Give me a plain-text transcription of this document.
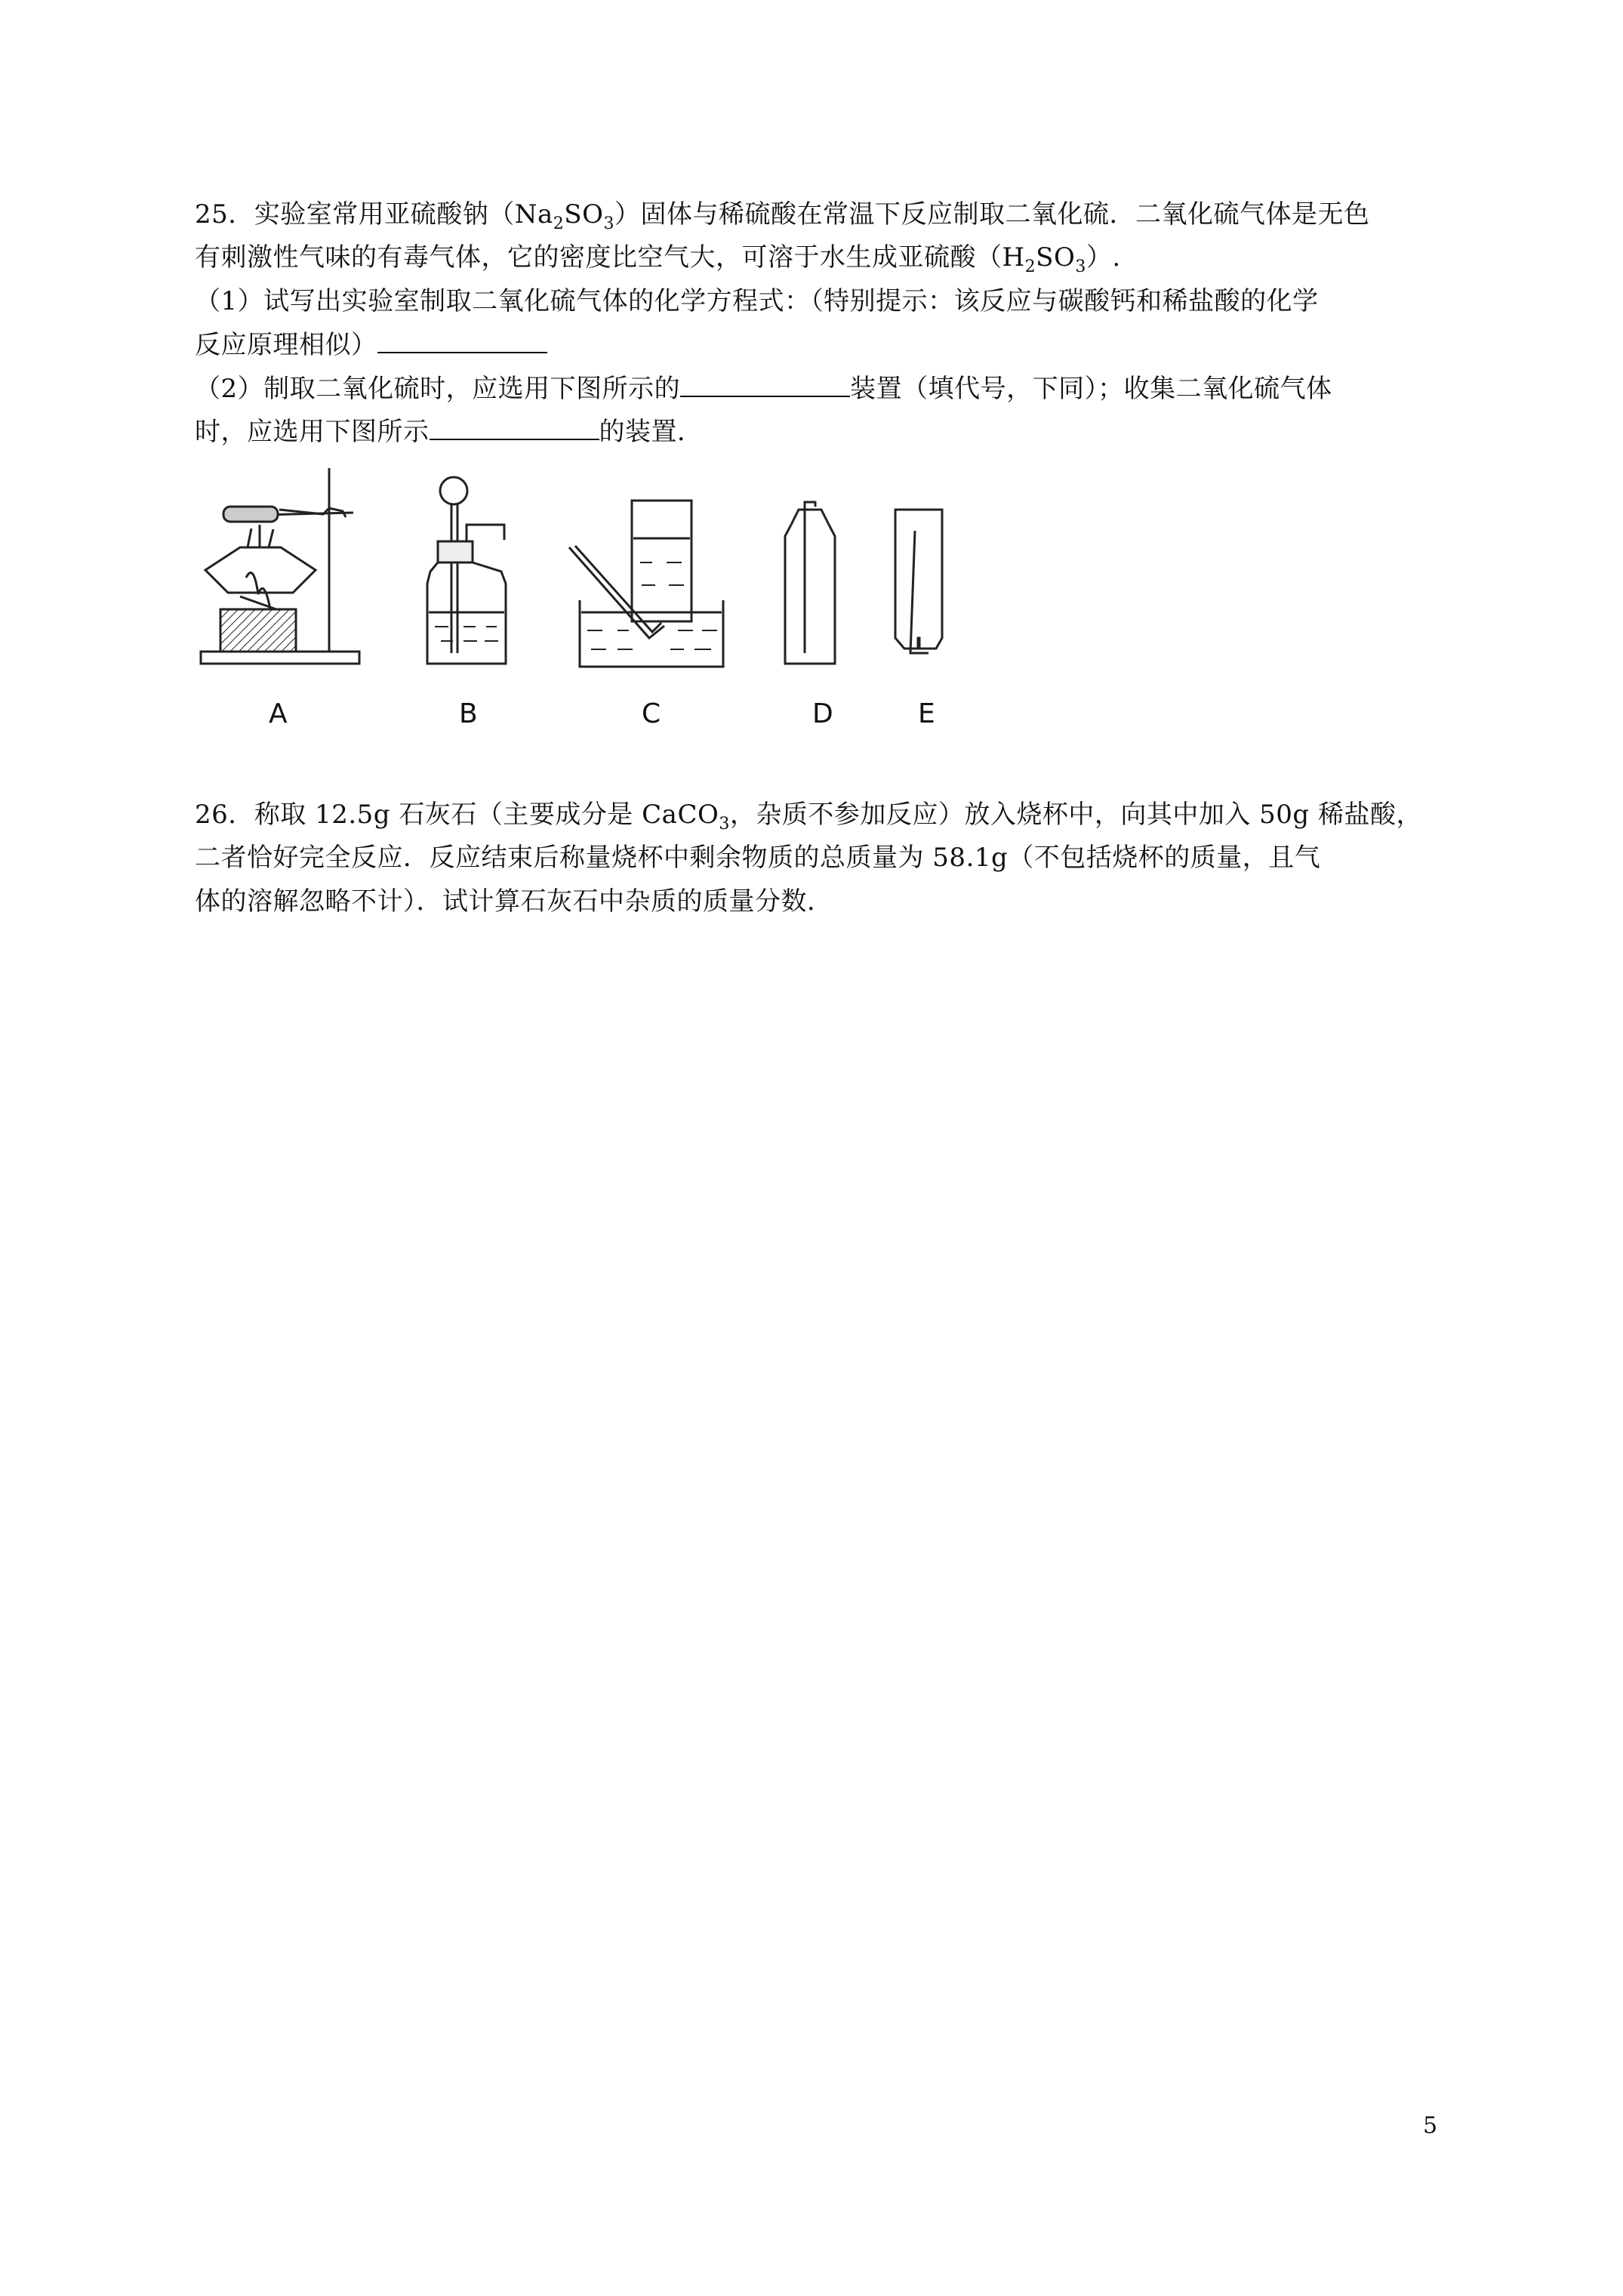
25．实验室常用亚硫酸钠$(Na_2SO_3)$固体与稀硫酸在常温下反应制取二氧化硫．二氧化硫气体是无色
有刺激性气味的有毒气体，它的密度比空气大，可溶于水生成亚硫酸$(H_2SO_3)$.
（1）试写出实验室制取二氧化硫气体的化学方程式：（特别提示：该反应与碳酸钙和稀盐酸的化学
反应原理相似）
（2）制取二氧化硫时，应选用下图所示的	装置（填代号，下同）；收集二氧化硫气体
时，应选用下图所示	的装置．
A	B	C	D	E
26．称取 12.5g 石灰石（主要成分是 CaCO$_3$，杂质不参加反应）放入烧杯中，向其中加入 50g 稀盐酸，
二者恰好完全反应．反应结束后称量烧杯中剩余物质的总质量为 58.1g（不包括烧杯的质量，且气
体的溶解忽略不计）．试计算石灰石中杂质的质量分数．
5
